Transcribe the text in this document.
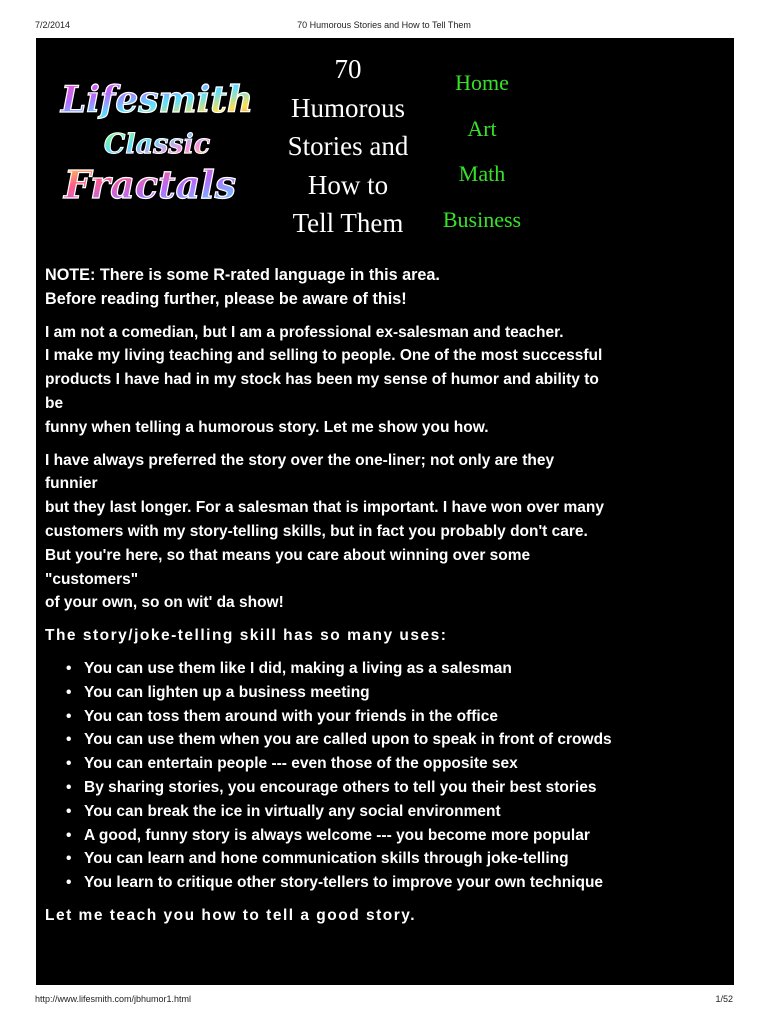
7/2/2014	70 Humorous Stories and How to Tell Them
Lifesmith
Classic
Fractals
70
Humorous
Stories and
How to
Tell Them
Home
Art
Math
Business

NOTE: There is some R-rated language in this area.
Before reading further, please be aware of this!

I am not a comedian, but I am a professional ex-salesman and teacher.
I make my living teaching and selling to people. One of the most successful
products I have had in my stock has been my sense of humor and ability to
be
funny when telling a humorous story. Let me show you how.

I have always preferred the story over the one-liner; not only are they
funnier
but they last longer. For a salesman that is important. I have won over many
customers with my story-telling skills, but in fact you probably don't care.
But you're here, so that means you care about winning over some
"customers"
of your own, so on wit' da show!

The story/joke-telling skill has so many uses:

• You can use them like I did, making a living as a salesman
• You can lighten up a business meeting
• You can toss them around with your friends in the office
• You can use them when you are called upon to speak in front of crowds
• You can entertain people --- even those of the opposite sex
• By sharing stories, you encourage others to tell you their best stories
• You can break the ice in virtually any social environment
• A good, funny story is always welcome --- you become more popular
• You can learn and hone communication skills through joke-telling
• You learn to critique other story-tellers to improve your own technique

Let me teach you how to tell a good story.

http://www.lifesmith.com/jbhumor1.html	1/52
